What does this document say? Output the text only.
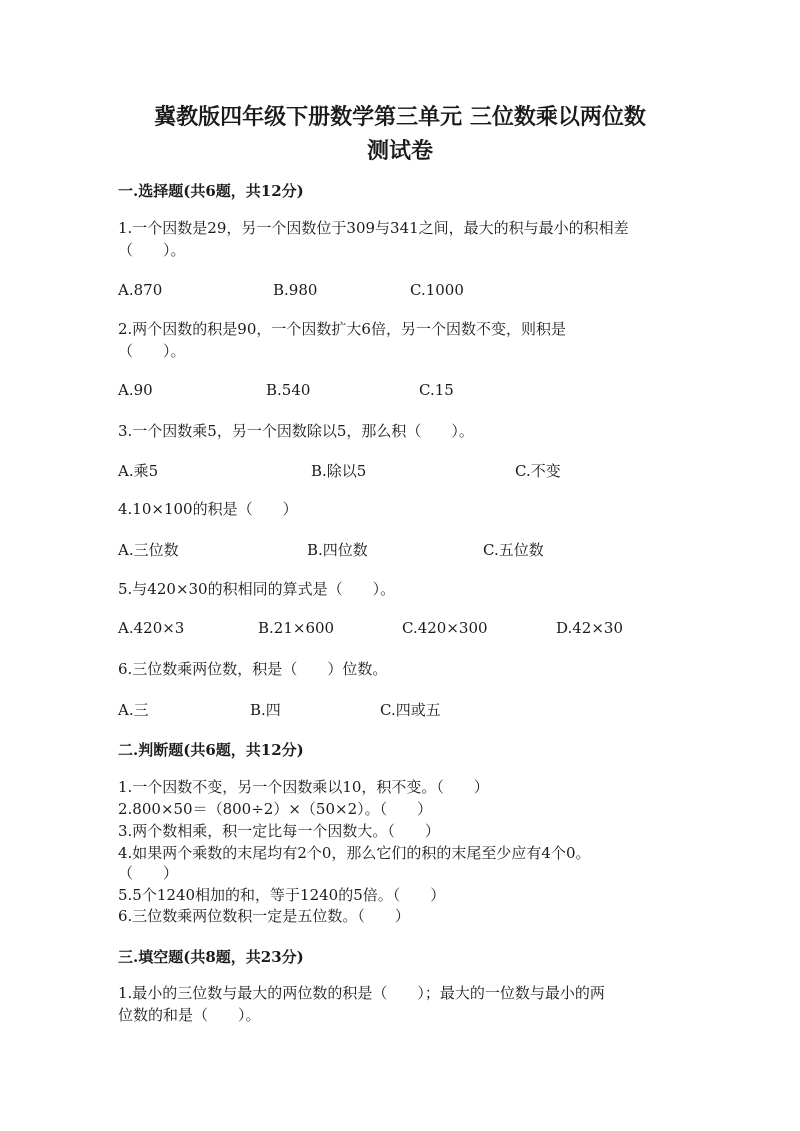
冀教版四年级下册数学第三单元 三位数乘以两位数
测试卷
一.选择题(共6题，共12分)
1.一个因数是29，另一个因数位于309与341之间，最大的积与最小的积相差
（　　）。
A.870	B.980	C.1000
2.两个因数的积是90，一个因数扩大6倍，另一个因数不变，则积是
（　　）。
A.90	B.540	C.15
3.一个因数乘5，另一个因数除以5，那么积（　　）。
A.乘5	B.除以5	C.不变
4.10×100的积是（　　）
A.三位数	B.四位数	C.五位数
5.与420×30的积相同的算式是（　　）。
A.420×3	B.21×600	C.420×300	D.42×30
6.三位数乘两位数，积是（　　）位数。
A.三	B.四	C.四或五
二.判断题(共6题，共12分)
1.一个因数不变，另一个因数乘以10，积不变。（　　）
2.800×50＝（800÷2）×（50×2）。（　　）
3.两个数相乘，积一定比每一个因数大。（　　）
4.如果两个乘数的末尾均有2个0，那么它们的积的末尾至少应有4个0。
（　　）
5.5个1240相加的和，等于1240的5倍。（　　）
6.三位数乘两位数积一定是五位数。（　　）
三.填空题(共8题，共23分)
1.最小的三位数与最大的两位数的积是（　　）；最大的一位数与最小的两
位数的和是（　　）。
